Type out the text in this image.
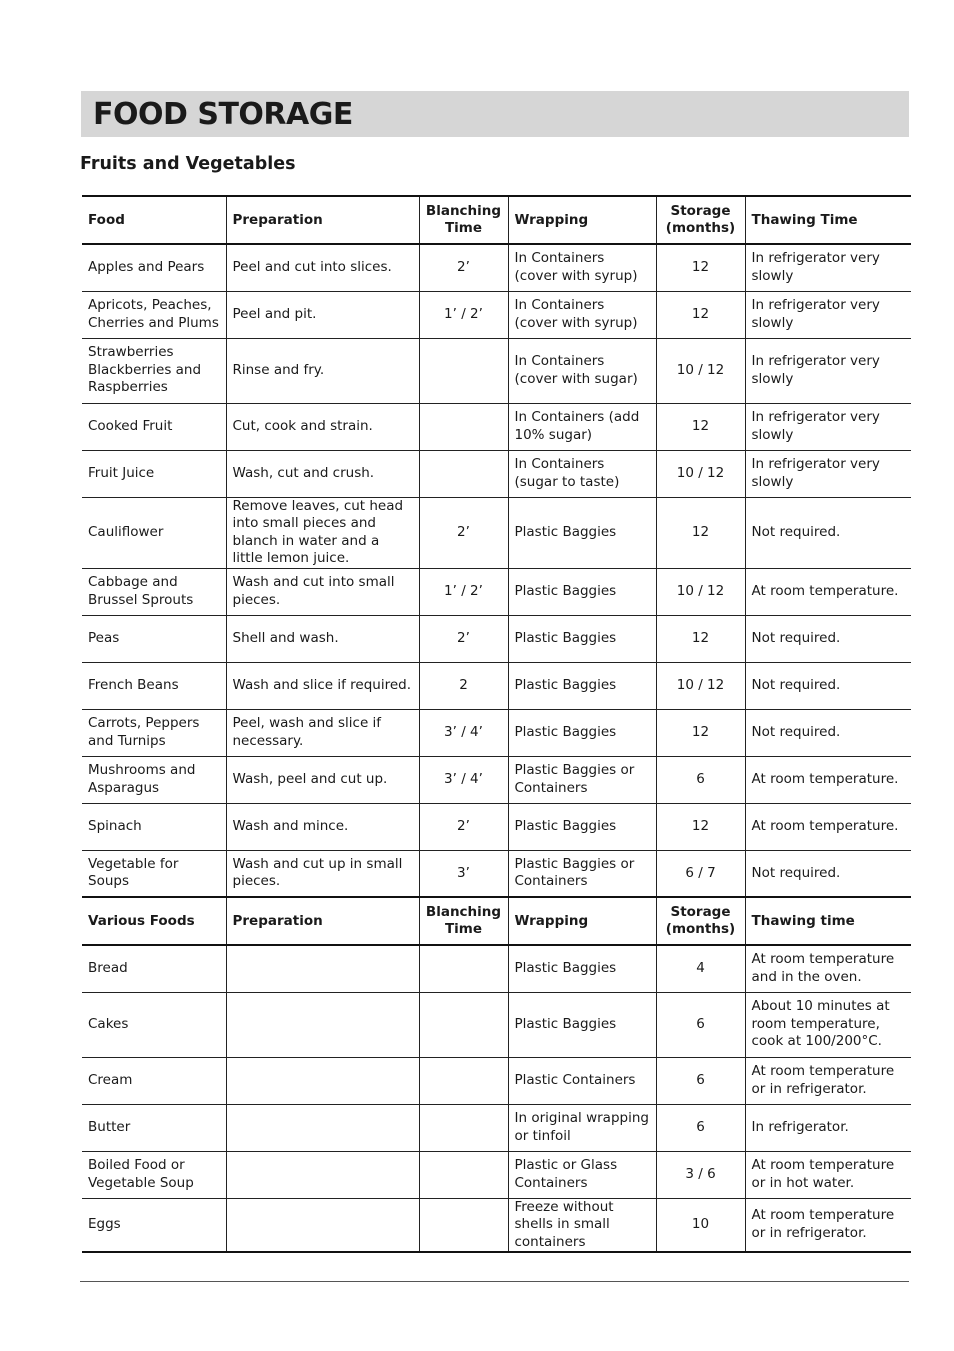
FOOD STORAGE
Fruits and Vegetables
Food	Preparation	Blanching Time	Wrapping	Storage (months)	Thawing Time
Apples and Pears	Peel and cut into slices.	2’	In Containers (cover with syrup)	12	In refrigerator very slowly
Apricots, Peaches, Cherries and Plums	Peel and pit.	1’ / 2’	In Containers (cover with syrup)	12	In refrigerator very slowly
Strawberries Blackberries and Raspberries	Rinse and fry.		In Containers (cover with sugar)	10 / 12	In refrigerator very slowly
Cooked Fruit	Cut, cook and strain.		In Containers (add 10% sugar)	12	In refrigerator very slowly
Fruit Juice	Wash, cut and crush.		In Containers (sugar to taste)	10 / 12	In refrigerator very slowly
Cauliflower	Remove leaves, cut head into small pieces and blanch in water and a little lemon juice.	2’	Plastic Baggies	12	Not required.
Cabbage and Brussel Sprouts	Wash and cut into small pieces.	1’ / 2’	Plastic Baggies	10 / 12	At room temperature.
Peas	Shell and wash.	2’	Plastic Baggies	12	Not required.
French Beans	Wash and slice if required.	2	Plastic Baggies	10 / 12	Not required.
Carrots, Peppers and Turnips	Peel, wash and slice if necessary.	3’ / 4’	Plastic Baggies	12	Not required.
Mushrooms and Asparagus	Wash, peel and cut up.	3’ / 4’	Plastic Baggies or Containers	6	At room temperature.
Spinach	Wash and mince.	2’	Plastic Baggies	12	At room temperature.
Vegetable for Soups	Wash and cut up in small pieces.	3’	Plastic Baggies or Containers	6 / 7	Not required.
Various Foods	Preparation	Blanching Time	Wrapping	Storage (months)	Thawing time
Bread			Plastic Baggies	4	At room temperature and in the oven.
Cakes			Plastic Baggies	6	About 10 minutes at room temperature, cook at 100/200°C.
Cream			Plastic Containers	6	At room temperature or in refrigerator.
Butter			In original wrapping or tinfoil	6	In refrigerator.
Boiled Food or Vegetable Soup			Plastic or Glass Containers	3 / 6	At room temperature or in hot water.
Eggs			Freeze without shells in small containers	10	At room temperature or in refrigerator.
